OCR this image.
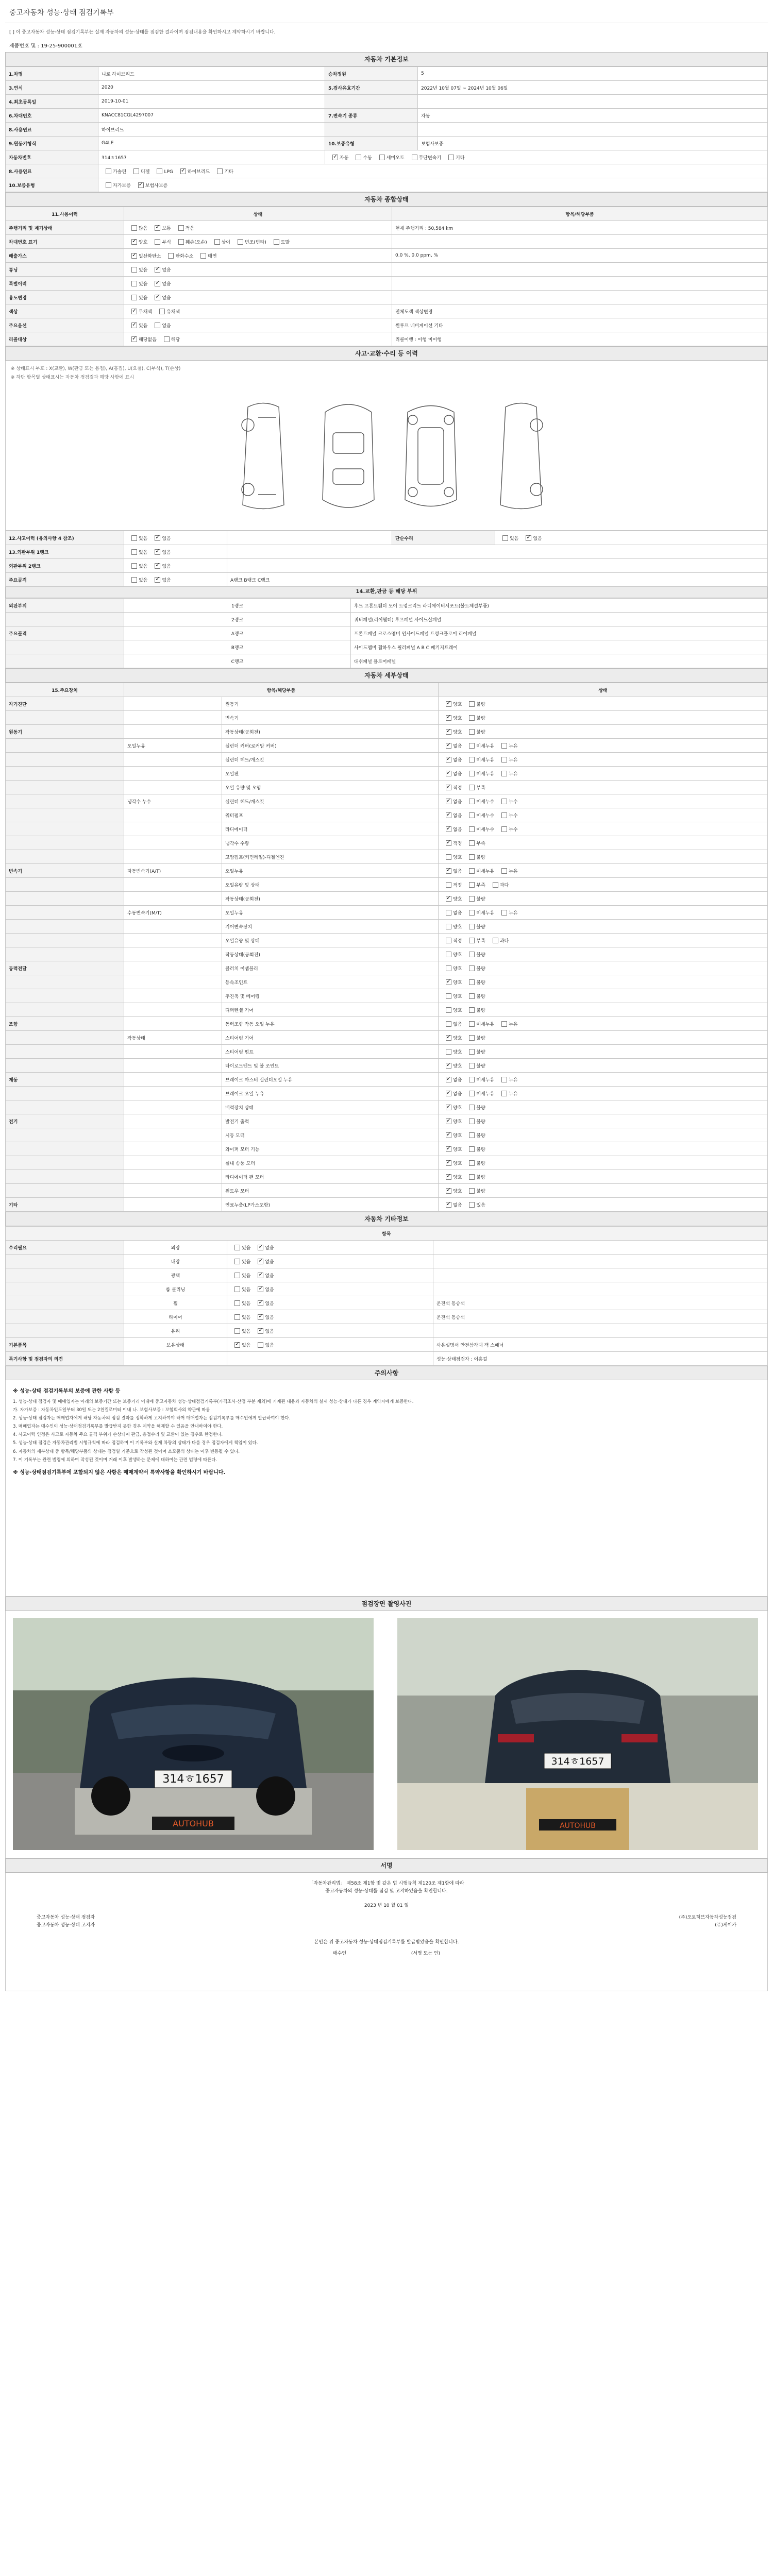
중고자동차 성능·상태 점검기록부
[ ] 이 중고자동차 성능·상태 점검기록부는 실제 자동차의 성능·상태를 점검한 결과이며 점검내용을 확인하시고 계약하시기 바랍니다.
제품번호 및 : 19-25-900001호
자동차 기본정보
1.차명	니로 하이브리드	승차정원	5
3.연식	2020	5.검사유효기간	2022년 10월 07일 ~ 2024년 10월 06일
4.최초등록일	2019-10-01		
6.차대번호	KNACC81CGL4297007	7.변속기 종류	자동
8.사용연료	하이브리드		
9.원동기형식	G4LE	10.보증유형	보험사보증
자동차번호	314ㅎ1657	✓자동 수동 세미오토 무단변속기 기타
8.사용연료	가솔린 디젤 LPG ✓ 하이브리드 기타
10.보증유형	자가보증 ✓ 보험사보증
자동차 종합상태
11.사용이력	상태	항목/해당부품
주행거리 및 계기상태	많음 ✓ 보통 적음	현재 주행거리 : 50,584 km
차대번호 표기	✓양호 부식 훼손(오손) 상이 변조(변타) 도말	
배출가스	✓일산화탄소 탄화수소 매연	0.0 %, 0.0 ppm, %
튜닝	있음 ✓ 없음	
특별이력	있음 ✓ 없음	
용도변경	있음 ✓ 없음	
색상	✓무채색 유채색	전체도색 색상변경
주요옵션	✓있음 없음	썬루프 네비게이션 기타
리콜대상	✓해당없음 해당	리콜이행 : 이행 미이행
사고·교환·수리 등 이력
※ 상태표시 부호 : X(교환), W(판금 또는 용접), A(흠집), U(요철), C(부식), T(손상)
※ 하단 항목별 상태표시는 자동차 점검결과 해당 사항에 표시
12.사고이력 (유의사항 4 참조)	있음 ✓ 없음		단순수리	있음 ✓ 없음
13.외판부위 1랭크	있음 ✓ 없음	
외판부위 2랭크	있음 ✓ 없음	
주요골격	있음 ✓ 없음	A랭크 B랭크 C랭크		
14.교환,판금 등 해당 부위
외판부위	1랭크	후드 프론트휀더 도어 트렁크리드 라디에이터서포트(볼트체결부품)
	2랭크	쿼터패널(리어휀더) 루프패널 사이드실패널
주요골격	A랭크	프론트패널 크로스멤버 인사이드패널 트렁크플로어 리어패널
	B랭크	사이드멤버 휠하우스 필러패널 A B C 패키지트레이
	C랭크	대쉬패널 플로어패널
자동차 세부상태
15.주요장치	항목/해당부품		상태
자기진단		원동기	✓양호 불량
		변속기	✓양호 불량
원동기		작동상태(공회전)	✓양호 불량
	오일누유	실린더 커버(로커암 커버)	✓없음 미세누유 누유
		실린더 헤드/개스킷	✓없음 미세누유 누유
		오일팬	✓없음 미세누유 누유
		오일 유량 및 오염	✓적정 부족
	냉각수 누수	실린더 헤드/개스킷	✓없음 미세누수 누수
		워터펌프	✓없음 미세누수 누수
		라디에이터	✓없음 미세누수 누수
		냉각수 수량	✓적정 부족
		고압펌프(커먼레일)-디젤엔진	양호 불량
변속기	자동변속기(A/T)	오일누유	✓없음 미세누유 누유
		오일유량 및 상태	적정 부족 과다
		작동상태(공회전)	✓양호 불량
	수동변속기(M/T)	오일누유	없음 미세누유 누유
		기어변속장치	양호 불량
		오일유량 및 상태	적정 부족 과다
		작동상태(공회전)	양호 불량
동력전달		클러치 어셈블리	양호 불량
		등속조인트	✓양호 불량
		추진축 및 베어링	양호 불량
		디퍼렌셜 기어	양호 불량
조향		동력조향 작동 오일 누유	없음 미세누유 누유
	작동상태	스티어링 기어	✓양호 불량
		스티어링 펌프	양호 불량
		타이로드엔드 및 볼 조인트	✓양호 불량
제동		브레이크 마스터 실린더오일 누유	✓없음 미세누유 누유
		브레이크 오일 누유	✓없음 미세누유 누유
		배력장치 상태	✓양호 불량
전기		발전기 출력	✓양호 불량
		시동 모터	✓양호 불량
		와이퍼 모터 기능	✓양호 불량
		실내 송풍 모터	✓양호 불량
		라디에이터 팬 모터	✓양호 불량
		윈도우 모터	✓양호 불량
기타		연료누출(LP가스포함)	✓없음 있음
자동차 기타정보
항목			
수리필요	외장	있음 ✓ 없음	
	내장	있음 ✓ 없음	
	광택	있음 ✓ 없음	
	룸 클리닝	있음 ✓ 없음	
	휠	있음 ✓ 없음	운전석 동승석
	타이어	있음 ✓ 없음	운전석 동승석
	유리	있음 ✓ 없음	
기본품목	보유상태	✓있음 없음	사용설명서 안전삼각대 잭 스패너
특기사항 및 점검자의 의견			성능·상태점검자 : 이홍걸
주의사항
※ 성능·상태 점검기록부의 보증에 관한 사항 등

1. 성능·상태 점검자 및 매매업자는 아래의 보증기간 또는 보증거리 이내에 중고자동차 성능·상태점검기록부(가격조사·산정 부분 제외)에 기재된 내용과 자동차의 실제 성능·상태가 다른 경우 계약자에게 보증한다.

가. 자가보증 : 자동차인도일부터 30일 또는 2천킬로미터 이내 나. 보험사보증 : 보험회사의 약관에 따름

2. 성능·상태 점검자는 매매업자에게 해당 자동차의 점검 결과를 정확하게 고지하여야 하며 매매업자는 점검기록부를 매수인에게 발급하여야 한다.

3. 매매업자는 매수인이 성능·상태점검기록부를 발급받지 못한 경우 계약을 해제할 수 있음을 안내하여야 한다.

4. 사고이력 인정은 사고로 자동차 주요 골격 부위가 손상되어 판금, 용접수리 및 교환이 있는 경우로 한정한다.

5. 성능·상태 점검은 자동차관리법 시행규칙에 따라 점검하며 이 기록부와 실제 차량의 상태가 다를 경우 점검자에게 책임이 있다.

6. 자동차의 세부상태 중 항목/해당부품의 상태는 점검일 기준으로 작성된 것이며 소모품의 상태는 이후 변동될 수 있다.

7. 이 기록부는 관련 법령에 의하여 작성된 것이며 거래 이후 발생하는 문제에 대하여는 관련 법령에 따른다.

※ 성능·상태점검기록부에 포함되지 않은 사항은 매매계약서 특약사항을 확인하시기 바랍니다.
점검장면 촬영사진
314ㅎ1657
AUTOHUB
314ㅎ1657
AUTOHUB
서명
「자동차관리법」 제58조 제1항 및 같은 법 시행규칙 제120조 제1항에 따라
중고자동차의 성능·상태를 점검 및 고지하였음을 확인합니다.
2023 년 10 월 01 일
중고자동차 성능·상태 점검자	(주)오토허브자동차성능점검
중고자동차 성능·상태 고지자	(주)케이카
본인은 위 중고자동차 성능·상태점검기록부를 발급받았음을 확인합니다.
매수인	(서명 또는 인)
